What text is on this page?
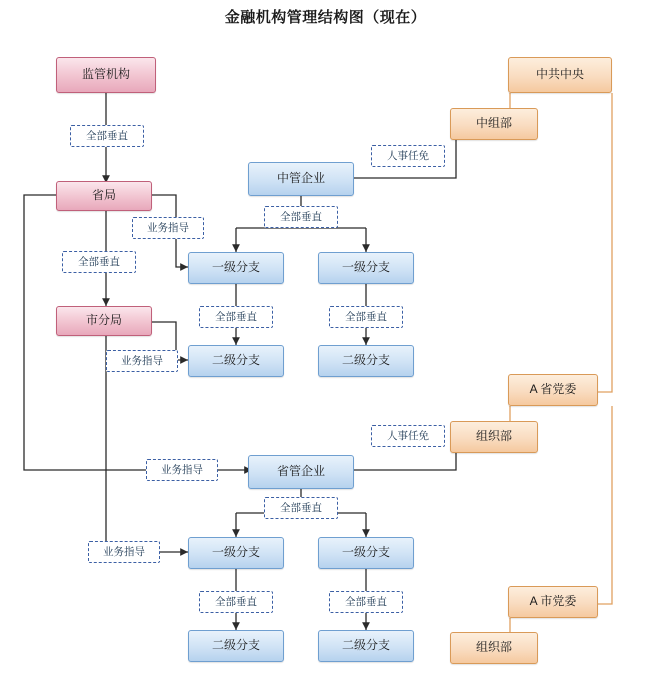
金融机构管理结构图（现在）
监管机构
省局
市分局
中共中央
中组部
A 省党委
组织部
A 市党委
组织部
中管企业
一级分支	一级分支
二级分支	二级分支
省管企业
一级分支	一级分支
二级分支	二级分支
全部垂直
全部垂直
业务指导
业务指导
业务指导
业务指导
人事任免
人事任免
全部垂直
全部垂直	全部垂直
全部垂直
全部垂直	全部垂直
